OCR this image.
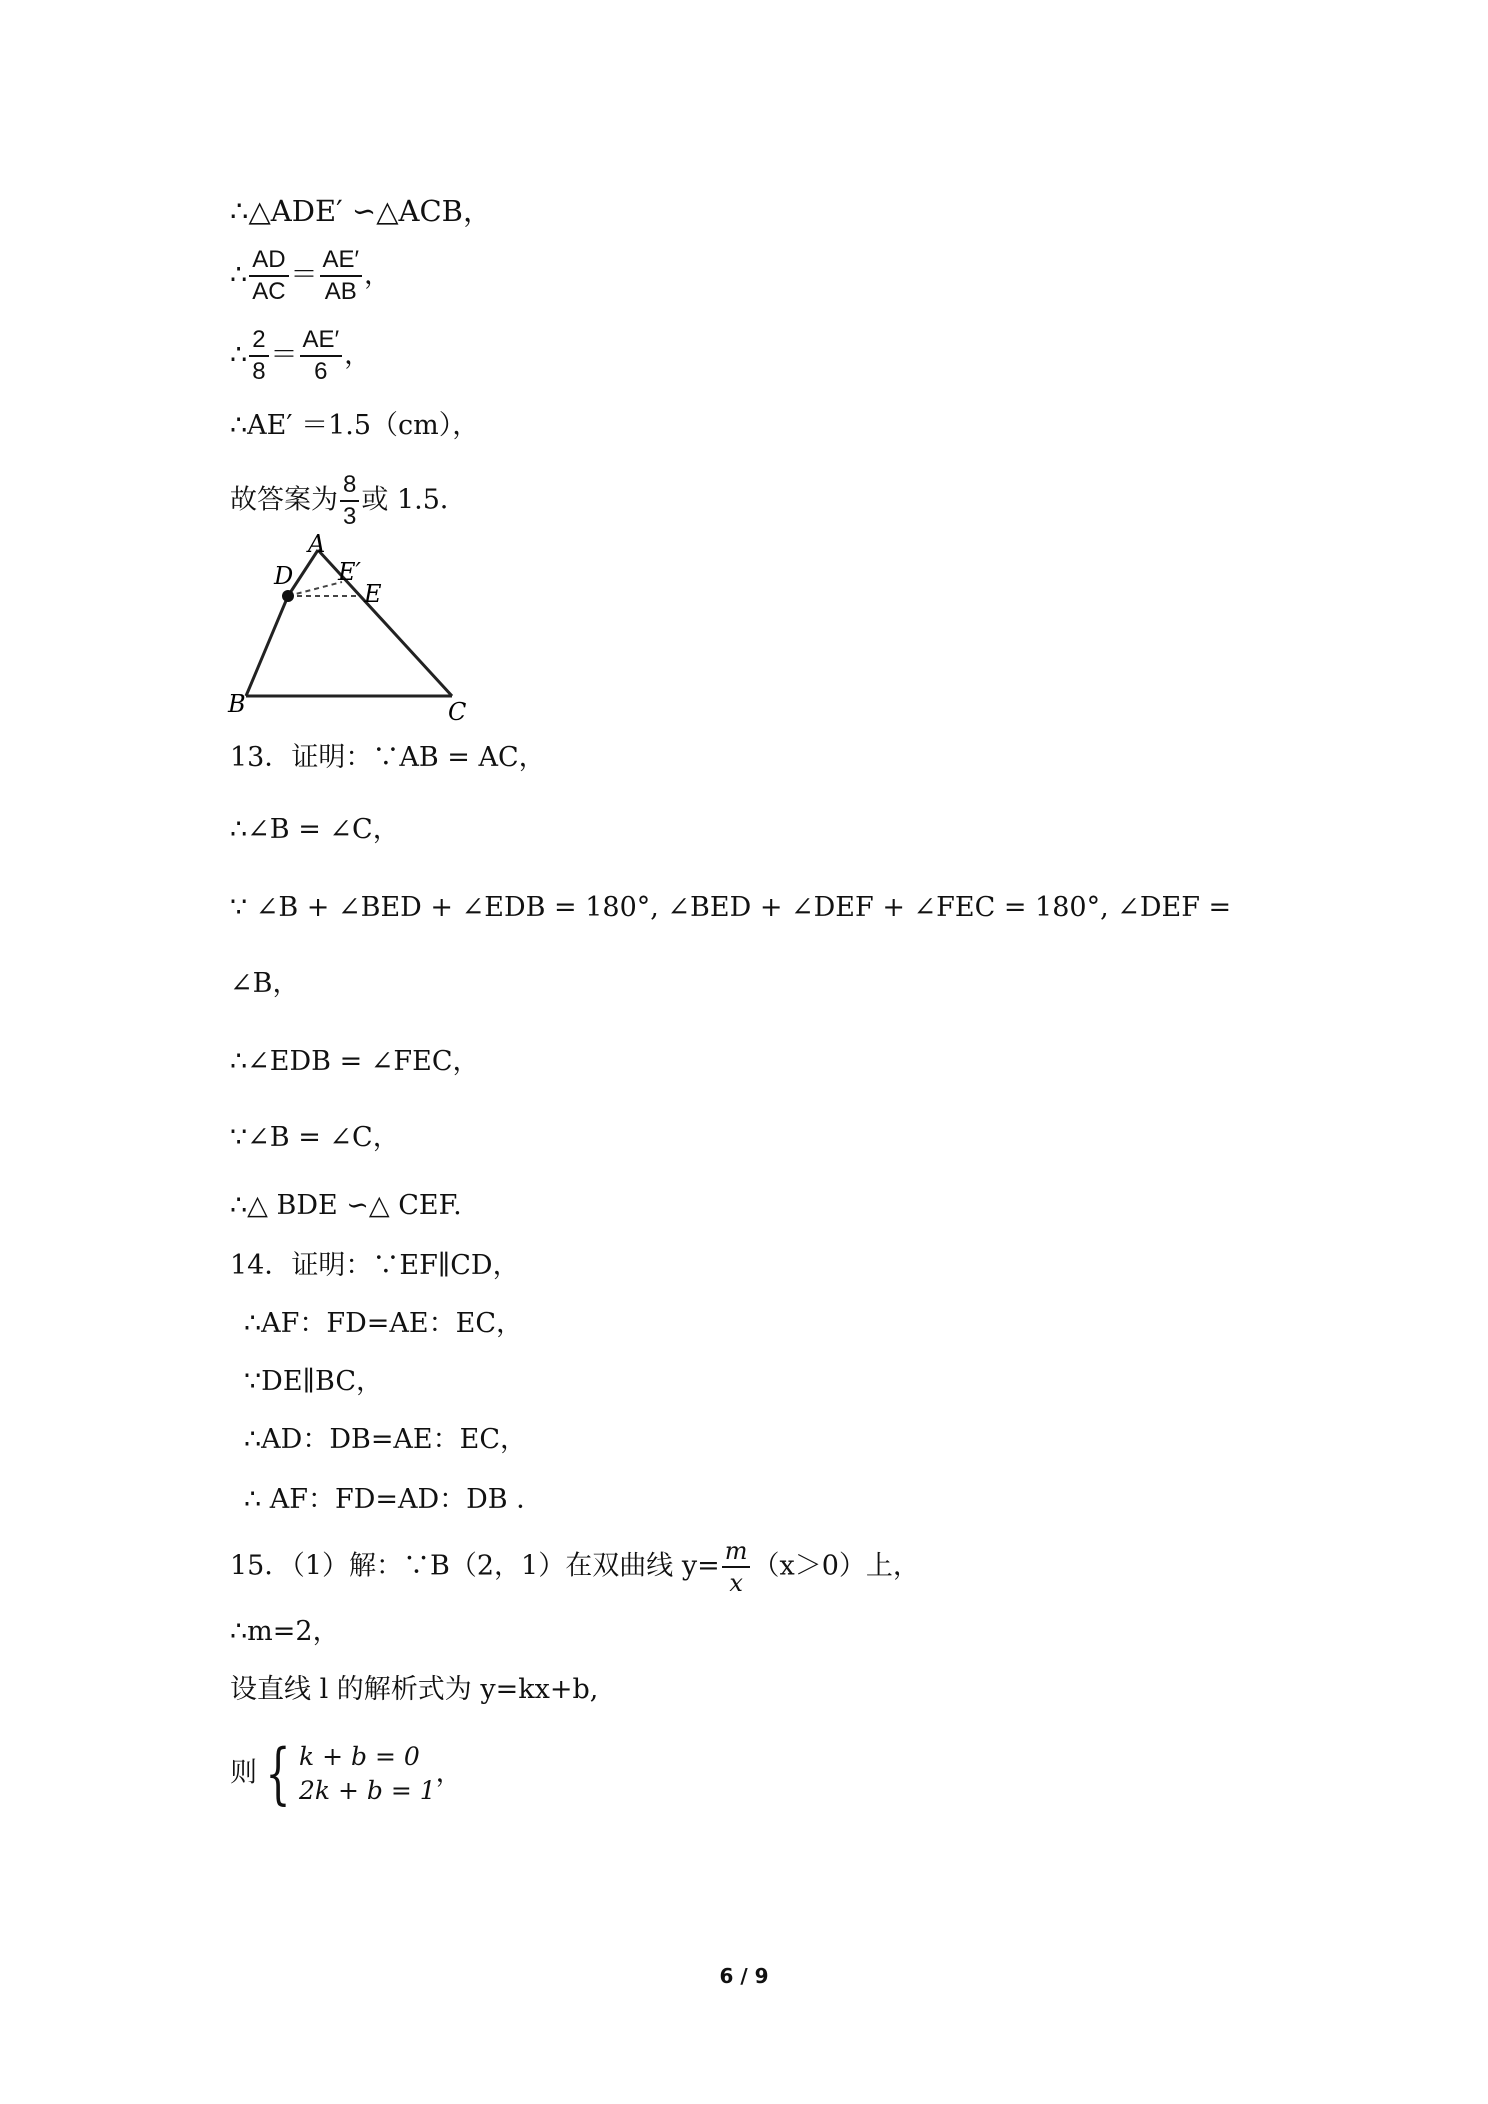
∴△ADE′ ∽△ACB，
∴ $\frac{AD}{AC} = \frac{AE'}{AB}$ ，
∴ $\frac{2}{8} = \frac{AE'}{6}$ ，
∴AE′ ＝1.5（cm），
故答案为 $\frac{8}{3}$ 或 1.5．
A
D E′
E
B	C
13．证明：∵AB = AC，
∴∠B = ∠C，
∵ ∠B + ∠BED + ∠EDB = 180°, ∠BED + ∠DEF + ∠FEC = 180°, ∠DEF =
∠B，
∴∠EDB = ∠FEC，
∵∠B = ∠C，
∴△ BDE ∽△ CEF.
14．证明：∵EF∥CD，
∴AF：FD=AE：EC，
∵DE∥BC，
∴AD：DB=AE：EC，
∴ AF：FD=AD：DB ．
15．（1）解：∵B（2，1）在双曲线 $y= \frac{m}{x} (x>0)$上，
∴m=2，
设直线 l 的解析式为 y=kx+b,
则 { k + b = 0
2k + b = 1
，
6 / 9
